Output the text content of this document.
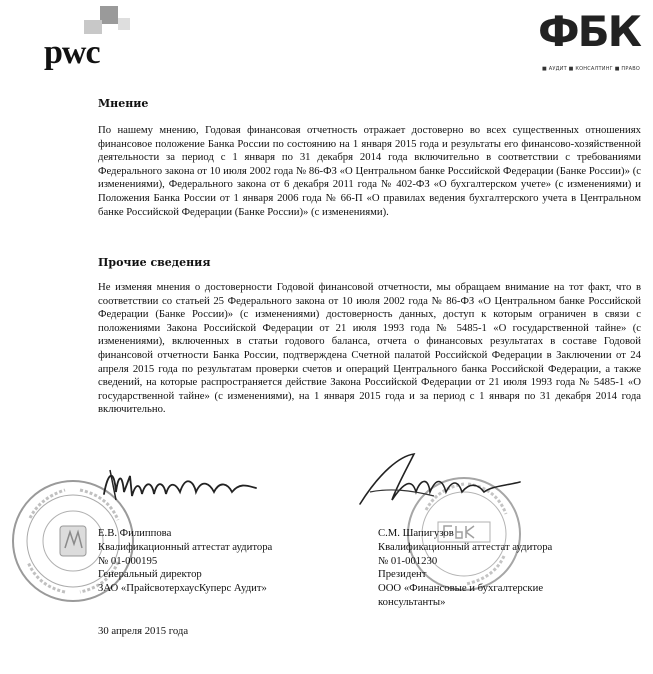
pwc	ФБК
■ АУДИТ ■ КОНСАЛТИНГ ■ ПРАВО
Мнение

По нашему мнению, Годовая финансовая отчетность отражает достоверно во всех существенных отношениях финансовое положение Банка России по состоянию на 1 января 2015 года и результаты его финансово-хозяйственной деятельности за период с 1 января по 31 декабря 2014 года включительно в соответствии с требованиями Федерального закона от 10 июля 2002 года № 86-ФЗ «О Центральном банке Российской Федерации (Банке России)» (с изменениями), Федерального закона от 6 декабря 2011 года № 402-ФЗ «О бухгалтерском учете» (с изменениями) и Положения Банка России от 1 января 2006 года № 66-П «О правилах ведения бухгалтерского учета в Центральном банке Российской Федерации (Банке России)» (с изменениями).

Прочие сведения

Не изменяя мнения о достоверности Годовой финансовой отчетности, мы обращаем внимание на тот факт, что в соответствии со статьей 25 Федерального закона от 10 июля 2002 года № 86-ФЗ «О Центральном банке Российской Федерации (Банке России)» (с изменениями) достоверность данных, доступ к которым ограничен в связи с положениями Закона Российской Федерации от 21 июля 1993 года № 5485-1 «О государственной тайне» (с изменениями), включенных в статьи годового баланса, отчета о финансовых результатах в составе Годовой финансовой отчетности Банка России, подтверждена Счетной палатой Российской Федерации в Заключении от 24 апреля 2015 года по результатам проверки счетов и операций Центрального банка Российской Федерации, а также сведений, на которые распространяется действие Закона Российской Федерации от 21 июля 1993 года № 5485-1 «О государственной тайне» (с изменениями), на 1 января 2015 года и за период с 1 января по 31 декабря 2014 года включительно.

Е.В. Филиппова
Квалификационный аттестат аудитора
№ 01-000195
Генеральный директор
ЗАО «ПрайсвотерхаусКуперс Аудит»
С.М. Шапигузов
Квалификационный аттестат аудитора
№ 01-001230
Президент
ООО «Финансовые и бухгалтерские
консультанты»
30 апреля 2015 года
